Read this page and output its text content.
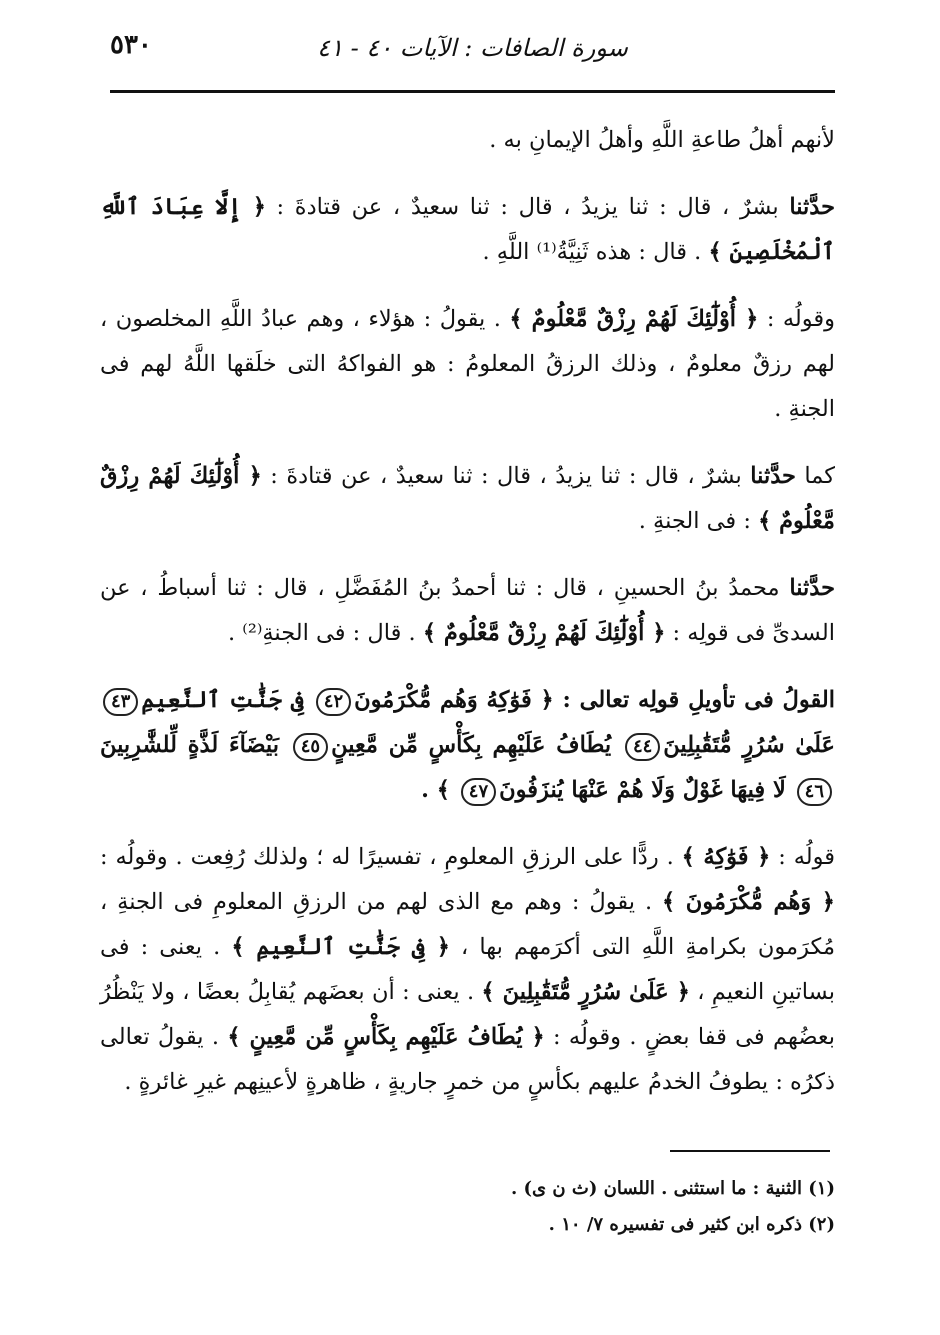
٥٣٠	سورة الصافات : الآيات ٤٠ - ٤١

لأنهم أهلُ طاعةِ اللَّهِ وأهلُ الإيمانِ به .

حدَّثنا بشرٌ ، قال : ثنا يزيدُ ، قال : ثنا سعيدٌ ، عن قتادةَ : ﴿ إِلَّا عِبَادَ ٱللَّهِ ٱلْمُخْلَصِينَ ﴾ . قال : هذه ثَنِيَّةُ⁽¹⁾ اللَّهِ .

وقولُه : ﴿ أُوْلَٰٓئِكَ لَهُمْ رِزْقٌ مَّعْلُومٌ ﴾ . يقولُ : هؤلاء ، وهم عبادُ اللَّهِ المخلصون ، لهم رزقٌ معلومٌ ، وذلك الرزقُ المعلومُ : هو الفواكهُ التى خلَقها اللَّهُ لهم فى الجنةِ .

كما حدَّثنا بشرٌ ، قال : ثنا يزيدُ ، قال : ثنا سعيدٌ ، عن قتادةَ : ﴿ أُوْلَٰٓئِكَ لَهُمْ رِزْقٌ مَّعْلُومٌ ﴾ : فى الجنةِ .

حدَّثنا محمدُ بنُ الحسينِ ، قال : ثنا أحمدُ بنُ المُفَضَّلِ ، قال : ثنا أسباطُ ، عن السدىِّ فى قولِه : ﴿ أُوْلَٰٓئِكَ لَهُمْ رِزْقٌ مَّعْلُومٌ ﴾ . قال : فى الجنةِ⁽²⁾ .

القولُ فى تأويلِ قولِه تعالى : ﴿ فَوَٰكِهُ وَهُم مُّكْرَمُونَ٤٢ فِى جَنَّٰتِ ٱلنَّعِيمِ٤٣ عَلَىٰ سُرُرٍ مُّتَقَٰبِلِينَ٤٤ يُطَافُ عَلَيْهِم بِكَأْسٍ مِّن مَّعِينٍ٤٥ بَيْضَآءَ لَذَّةٍ لِّلشَّٰرِبِينَ٤٦ لَا فِيهَا غَوْلٌ وَلَا هُمْ عَنْهَا يُنزَفُونَ٤٧ ﴾ .

قولُه : ﴿ فَوَٰكِهُ ﴾ . ردًّا على الرزقِ المعلومِ ، تفسيرًا له ؛ ولذلك رُفِعت . وقولُه : ﴿ وَهُم مُّكْرَمُونَ ﴾ . يقولُ : وهم مع الذى لهم من الرزقِ المعلومِ فى الجنةِ ، مُكرَمون بكرامةِ اللَّهِ التى أكرَمهم بها ، ﴿ فِى جَنَّٰتِ ٱلنَّعِيمِ ﴾ . يعنى : فى بساتينِ النعيمِ ، ﴿ عَلَىٰ سُرُرٍ مُّتَقَٰبِلِينَ ﴾ . يعنى : أن بعضَهم يُقابِلُ بعضًا ، ولا يَنْظُرُ بعضُهم فى قفا بعضٍ . وقولُه : ﴿ يُطَافُ عَلَيْهِم بِكَأْسٍ مِّن مَّعِينٍ ﴾ . يقولُ تعالى ذكرُه : يطوفُ الخدمُ عليهم بكأسٍ من خمرٍ جاريةٍ ، ظاهرةٍ لأعينِهم غيرِ غائرةٍ .

(١) الثنية : ما استثنى . اللسان (ث ن ى) .

(٢) ذكره ابن كثير فى تفسيره ٧/ ١٠ .
